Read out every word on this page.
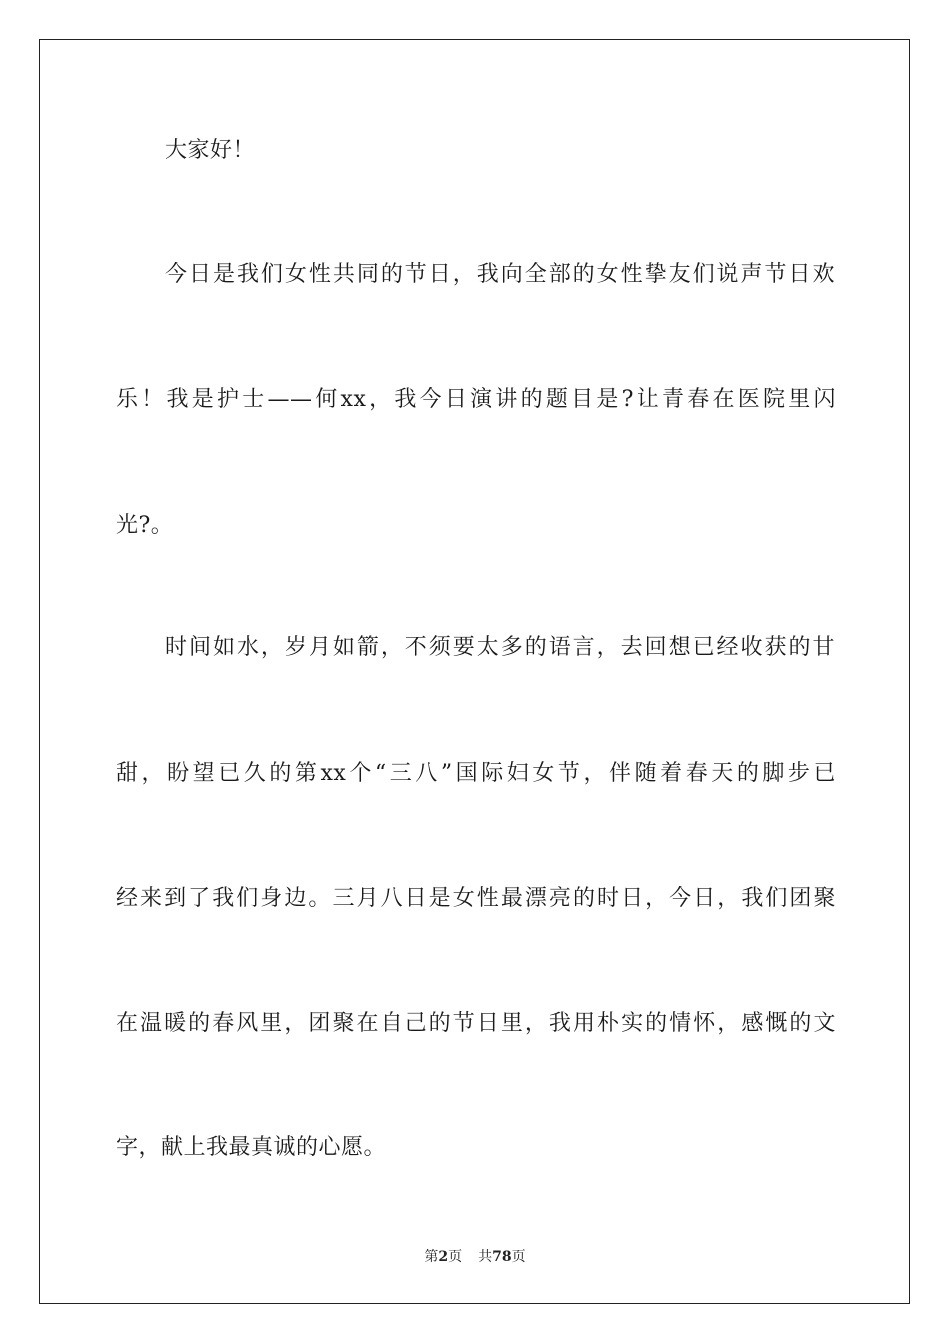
大家好！
今日是我们女性共同的节日，我向全部的女性挚友们说声节日欢
乐！我是护士——何xx，我今日演讲的题目是?让青春在医院里闪
光?。
时间如水，岁月如箭，不须要太多的语言，去回想已经收获的甘
甜，盼望已久的第xx个“三八”国际妇女节，伴随着春天的脚步已
经来到了我们身边。三月八日是女性最漂亮的时日，今日，我们团聚
在温暖的春风里，团聚在自己的节日里，我用朴实的情怀，感慨的文
字，献上我最真诚的心愿。
第2页 共78页
